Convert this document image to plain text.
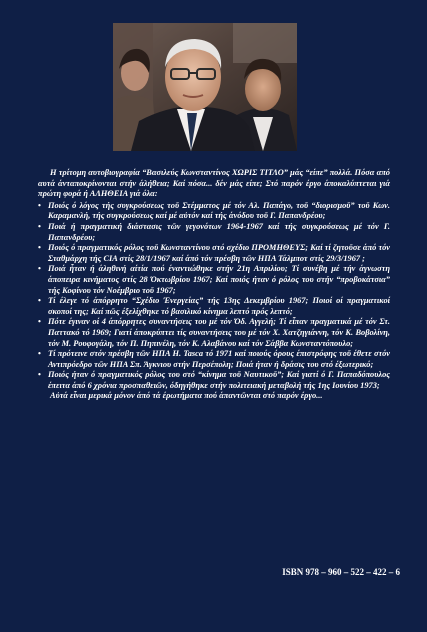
Η τρίτομη αυτοβιογραφία “Βασιλεύς Κωνσταντίνος ΧΩΡΙΣ ΤΙΤΛΟ” μάς “είπε” πολλά. Πόσα από αυτά άνταποκρίνονται στήν άλήθεια; Καί πόσα... δέν μάς είπε; Στό παρόν έργο άποκαλύπτεται γιά πρώτη φορά ή ΑΛΗΘΕΙΑ γιά όλα:

• Ποιός ό λόγος τής συγκρούσεως τοῦ Στέμματος μέ τόν Αλ. Παπάγο, τοῦ “διορισμοῦ” τοῦ Κων. Καραμανλή, τής συγκρούσεως καί μέ αὐτόν καί τής άνόδου τοῦ Γ. Παπανδρέου;
• Ποιά ή πραγματική διάστασις τῶν γεγονότων 1964-1967 καί τής συγκρούσεως μέ τόν Γ. Παπανδρέου;
• Ποιός ό πραγματικός ρόλος τοῦ Κωνσταντίνου στό σχέδιο ΠΡΟΜΗΘΕΥΣ; Καί τί ζητοῦσε άπό τόν Σταθμάρχη τής CIA στίς 28/1/1967 καί άπό τόν πρέσβη τῶν ΗΠΑ Τάλμποτ στίς 29/3/1967 ;
• Ποιά ἦταν ή άληθινή αίτία πού έναντιώθηκε στήν 21η Απριλίου; Τί συνέβη μέ τήν άγνωστη άποπειρα κινήματος στίς 28 Όκτωβρίου 1967; Καί ποιός ήταν ό ρόλος του στήν “προβοκάτσια” τής Κοφίνου τόν Νοέμβριο τοῦ 1967;
• Τί έλεγε τό άπόρρητο “Σχέδιο Ένεργείας” τής 13ης Δεκεμβρίου 1967; Ποιοί οί πραγματικοί σκοποί της; Καί πῶς έξελίχθηκε τό βασιλικό κίνημα λεπτό πρός λεπτό;
• Πότε έγιναν οί 4 άπόρρητες συναντήσεις του μέ τόν Όδ. Αγγελή; Τί εἶπαν πραγματικά μέ τόν Στ. Παττακό τό 1969; Γιατί άποκρύπτει τίς συναντήσεις του μέ τόν Χ. Χατζηγιάννη, τόν Κ. Βοβολίνη, τόν Μ. Ρουφογάλη, τόν Π. Πηπινέλη, τόν Κ. Αλαβάνου καί τόν Σάββα Κωνσταντόπουλο;
• Τί πρότεινε στόν πρέσβη τῶν ΗΠΑ Η. Tasca τό 1971 καί ποιούς όρους έπιστρόφης τοῦ έθετε στόν Αντιπρόεδρο τῶν ΗΠΑ Σπ. Άγκνιου στήν Περσέπολη; Ποιά ήταν ή δράσις του στό έξωτερικό;
• Ποιός ήταν ό πραγματικός ρόλος του στό “κίνημα τοῦ Ναυτικοῦ”; Καί γιατί ό Γ. Παπαδόπουλος έπειτα άπό 6 χρόνια προσπαθειῶν, όδηγήθηκε στήν πολιτειακή μεταβολή τής 1ης Ιουνίου 1973;

Αὐτά εἶναι μερικά μόνον άπό τά έρωτήματα πού άπαντῶνται στό παρόν έργο...

ISBN 978 – 960 – 522 – 422 – 6
